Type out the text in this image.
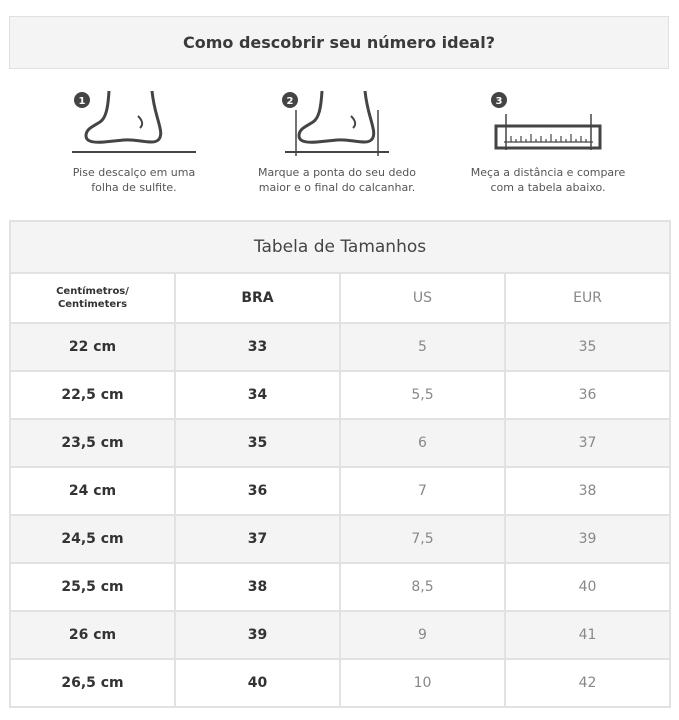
Como descobrir seu número ideal?
1
Pise descalço em uma
folha de sulfite.
2
Marque a ponta do seu dedo
maior e o final do calcanhar.
3
Meça a distância e compare
com a tabela abaixo.
Tabela de Tamanhos			

Centímetros/
Centimeters	BRA	US	EUR
22 cm	33	5	35
22,5 cm	34	5,5	36
23,5 cm	35	6	37
24 cm	36	7	38
24,5 cm	37	7,5	39
25,5 cm	38	8,5	40
26 cm	39	9	41
26,5 cm	40	10	42
